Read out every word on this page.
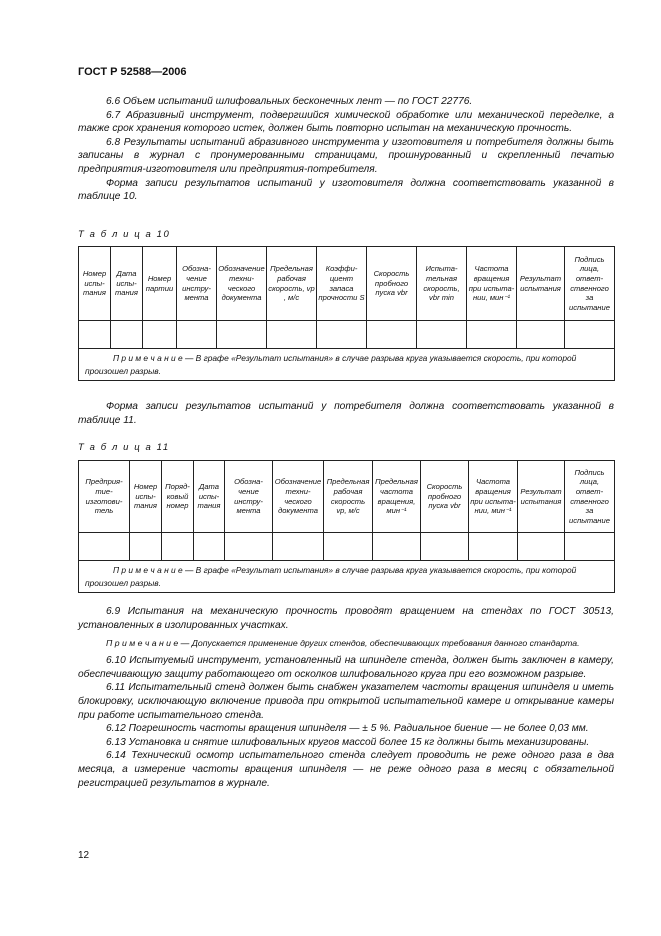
ГОСТ Р 52588—2006

6.6 Объем испытаний шлифовальных бесконечных лент — по ГОСТ 22776.

6.7 Абразивный инструмент, подвергшийся химической обработке или механической переделке, а также срок хранения которого истек, должен быть повторно испытан на механическую прочность.

6.8 Результаты испытаний абразивного инструмента у изготовителя и потребителя должны быть записаны в журнал с пронумерованными страницами, прошнурованный и скрепленный печатью предприятия-изготовителя или предприятия-потребителя.

Форма записи результатов испытаний у изготовителя должна соответствовать указанной в таблице 10.

Т а б л и ц а 10

Номер испытания	Дата испытания	Номер партии	Обозначение инструмента	Обозначение технического документа	Предельная рабочая скорость, vр , м/с	Коэффициент запаса прочности S	Скорость пробного пуска vbr	Испытательная скорость, vbr min	Частота вращения при испытании, мин⁻¹	Результат испытания	Подпись лица, ответственного за испытание

П р и м е ч а н и е — В графе «Результат испытания» в случае разрыва круга указывается скорость, при которой произошел разрыв.											

Форма записи результатов испытаний у потребителя должна соответствовать указанной в таблице 11.

Т а б л и ц а 11

Предприятие-изготовитель	Номер испытания	Порядковый номер	Дата испытания	Обозначение инструмента	Обозначение технического документа	Предельная рабочая скорость vр, м/с	Предельная частота вращения, мин⁻¹	Скорость пробного пуска vbr	Частота вращения при испытании, мин⁻¹	Результат испытания	Подпись лица, ответственного за испытание

П р и м е ч а н и е — В графе «Результат испытания» в случае разрыва круга указывается скорость, при которой произошел разрыв.											

6.9 Испытания на механическую прочность проводят вращением на стендах по ГОСТ 30513, установленных в изолированных участках.

П р и м е ч а н и е — Допускается применение других стендов, обеспечивающих требования данного стандарта.

6.10 Испытуемый инструмент, установленный на шпинделе стенда, должен быть заключен в камеру, обеспечивающую защиту работающего от осколков шлифовального круга при его возможном разрыве.

6.11 Испытательный стенд должен быть снабжен указателем частоты вращения шпинделя и иметь блокировку, исключающую включение привода при открытой испытательной камере и открывание камеры при работе испытательного стенда.

6.12 Погрешность частоты вращения шпинделя — ± 5 %. Радиальное биение — не более 0,03 мм.

6.13 Установка и снятие шлифовальных кругов массой более 15 кг должны быть механизированы.

6.14 Технический осмотр испытательного стенда следует проводить не реже одного раза в два месяца, а измерение частоты вращения шпинделя — не реже одного раза в месяц с обязательной регистрацией результатов в журнале.

12
